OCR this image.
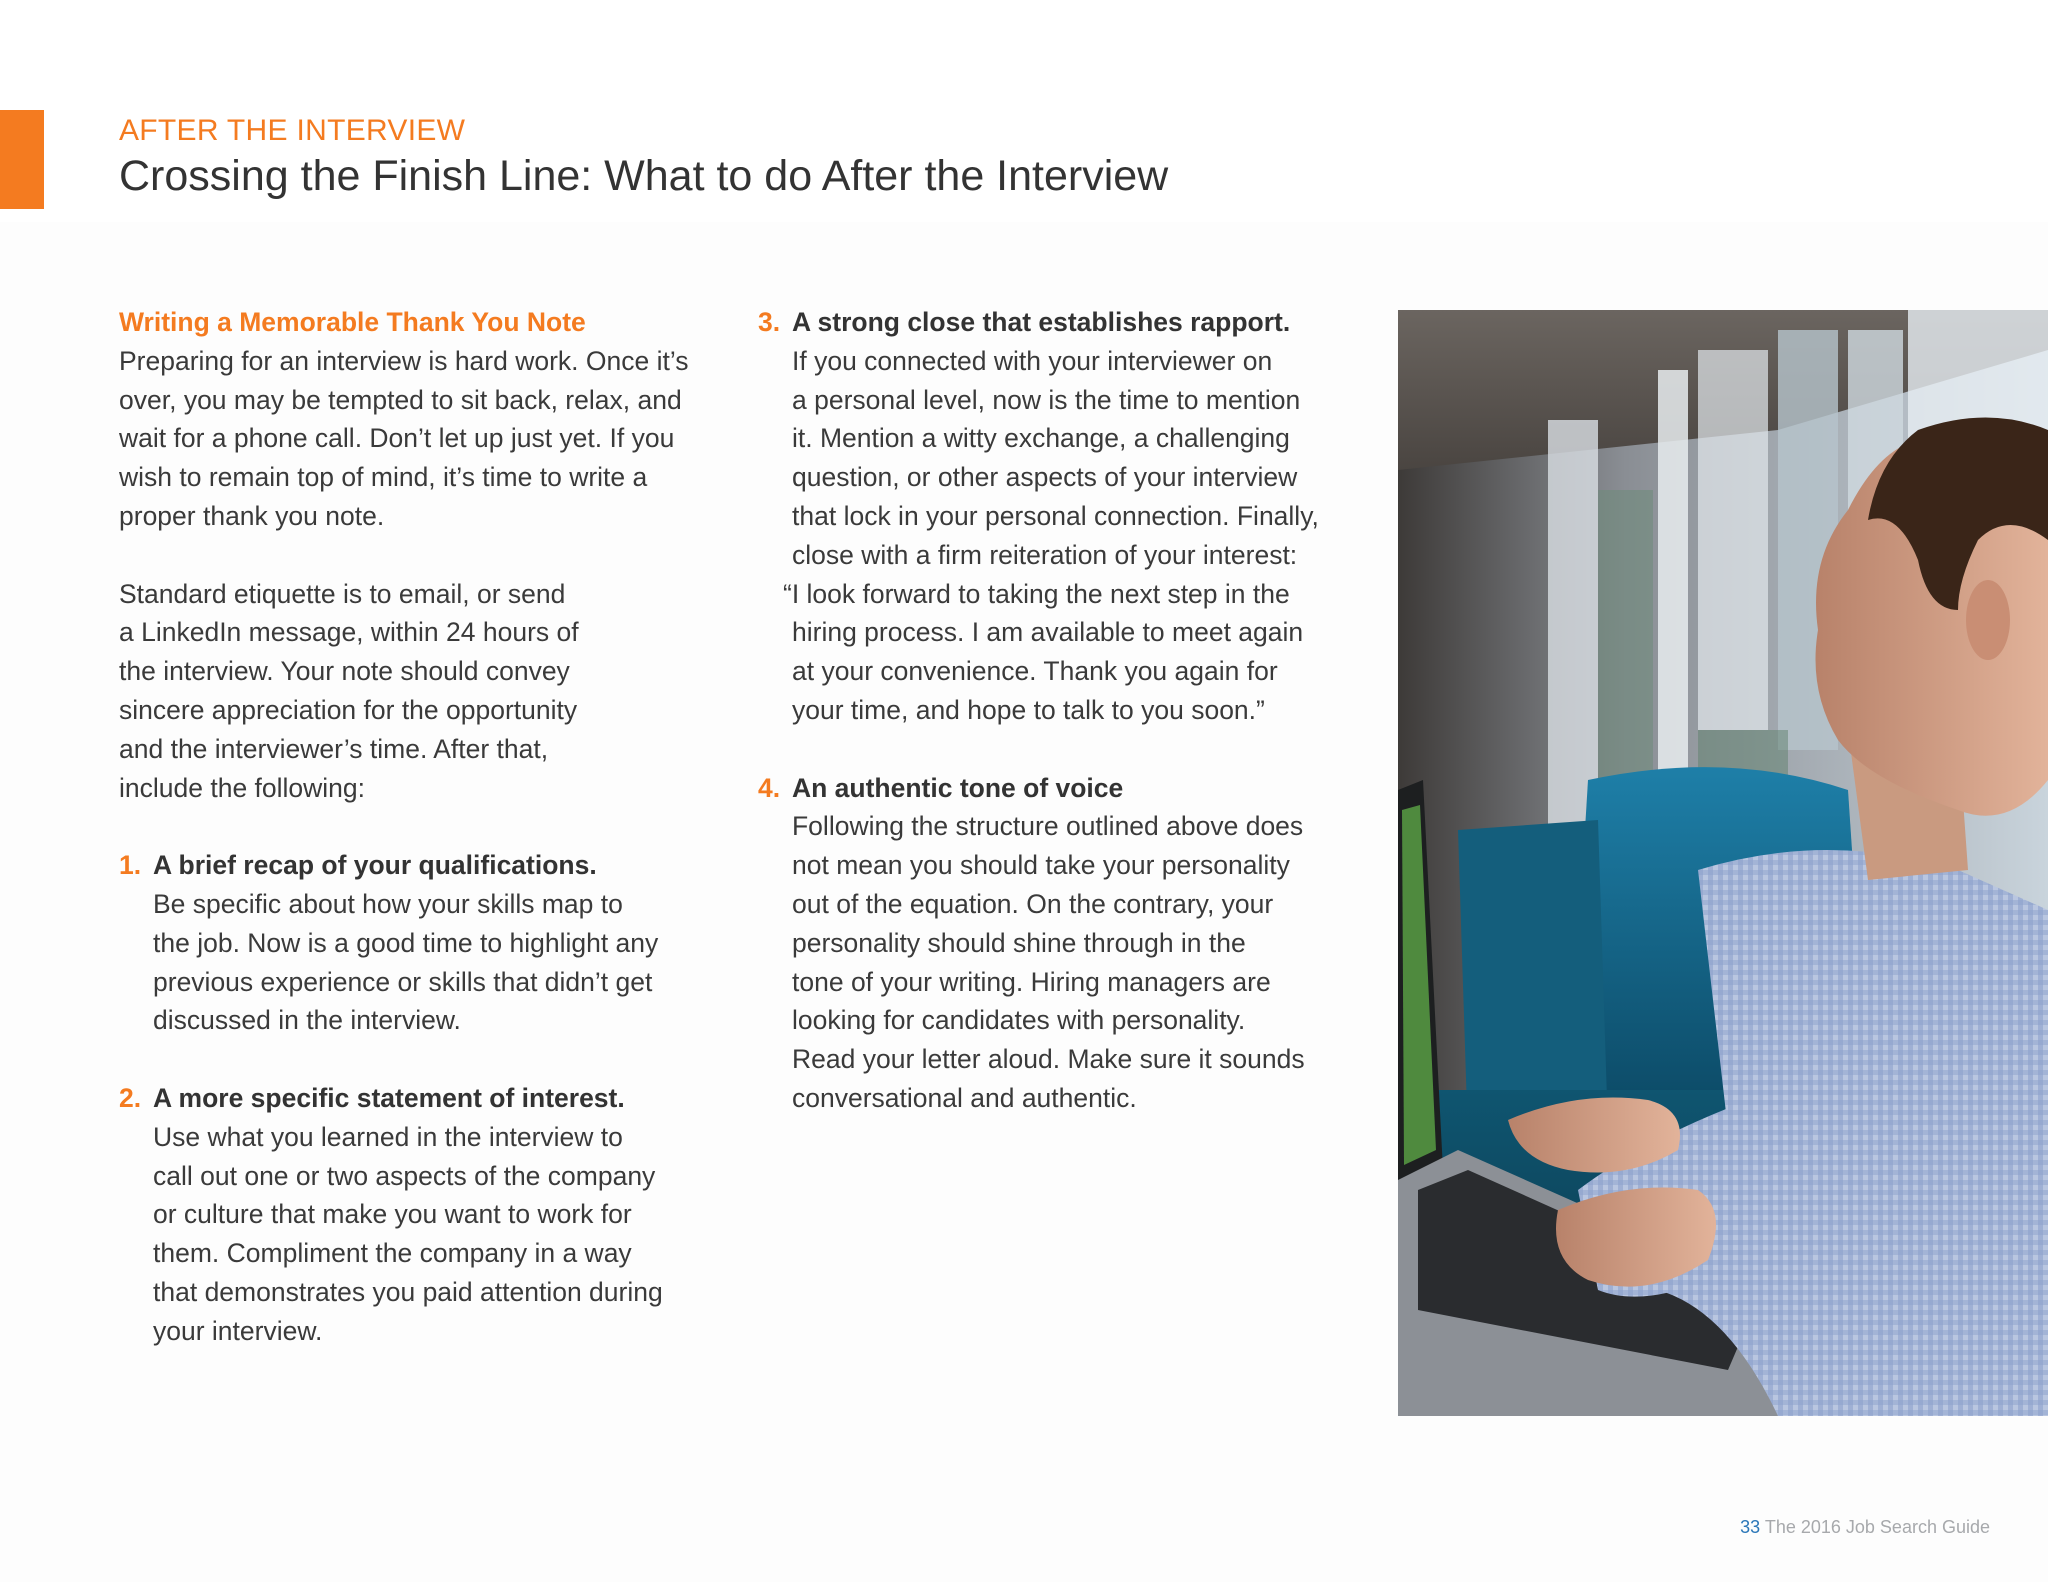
AFTER THE INTERVIEW
Crossing the Finish Line: What to do After the Interview
Writing a Memorable Thank You Note
Preparing for an interview is hard work. Once it’s
over, you may be tempted to sit back, relax, and
wait for a phone call. Don’t let up just yet. If you
wish to remain top of mind, it’s time to write a
proper thank you note.
Standard etiquette is to email, or send
a LinkedIn message, within 24 hours of
the interview. Your note should convey
sincere appreciation for the opportunity
and the interviewer’s time. After that,
include the following:
1. A brief recap of your qualifications.
Be specific about how your skills map to
the job. Now is a good time to highlight any
previous experience or skills that didn’t get
discussed in the interview.
2. A more specific statement of interest.
Use what you learned in the interview to
call out one or two aspects of the company
or culture that make you want to work for
them. Compliment the company in a way
that demonstrates you paid attention during
your interview.
3. A strong close that establishes rapport.
If you connected with your interviewer on
a personal level, now is the time to mention
it. Mention a witty exchange, a challenging
question, or other aspects of your interview
that lock in your personal connection. Finally,
close with a firm reiteration of your interest:
“I look forward to taking the next step in the
hiring process. I am available to meet again
at your convenience. Thank you again for
your time, and hope to talk to you soon.”
4. An authentic tone of voice
Following the structure outlined above does
not mean you should take your personality
out of the equation. On the contrary, your
personality should shine through in the
tone of your writing. Hiring managers are
looking for candidates with personality.
Read your letter aloud. Make sure it sounds
conversational and authentic.
33 The 2016 Job Search Guide
